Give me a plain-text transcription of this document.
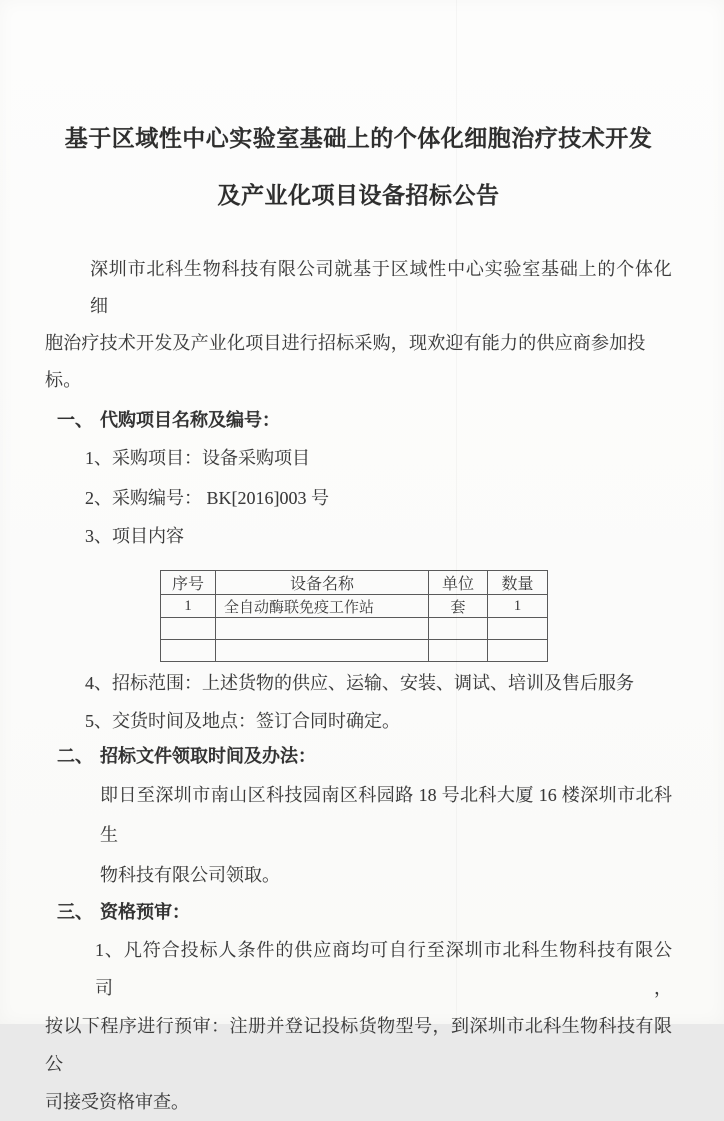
基于区域性中心实验室基础上的个体化细胞治疗技术开发
及产业化项目设备招标公告
深圳市北科生物科技有限公司就基于区域性中心实验室基础上的个体化细
胞治疗技术开发及产业化项目进行招标采购，现欢迎有能力的供应商参加投标。
一、 代购项目名称及编号：
1、采购项目：设备采购项目
2、采购编号： BK[2016]003 号
3、项目内容
序号	设备名称	单位	数量
1	全自动酶联免疫工作站	套	1

4、招标范围：上述货物的供应、运输、安装、调试、培训及售后服务
5、交货时间及地点：签订合同时确定。
二、 招标文件领取时间及办法：
即日至深圳市南山区科技园南区科园路 18 号北科大厦 16 楼深圳市北科生
物科技有限公司领取。
三、 资格预审：
1、凡符合投标人条件的供应商均可自行至深圳市北科生物科技有限公司，
按以下程序进行预审：注册并登记投标货物型号，到深圳市北科生物科技有限公
司接受资格审查。
